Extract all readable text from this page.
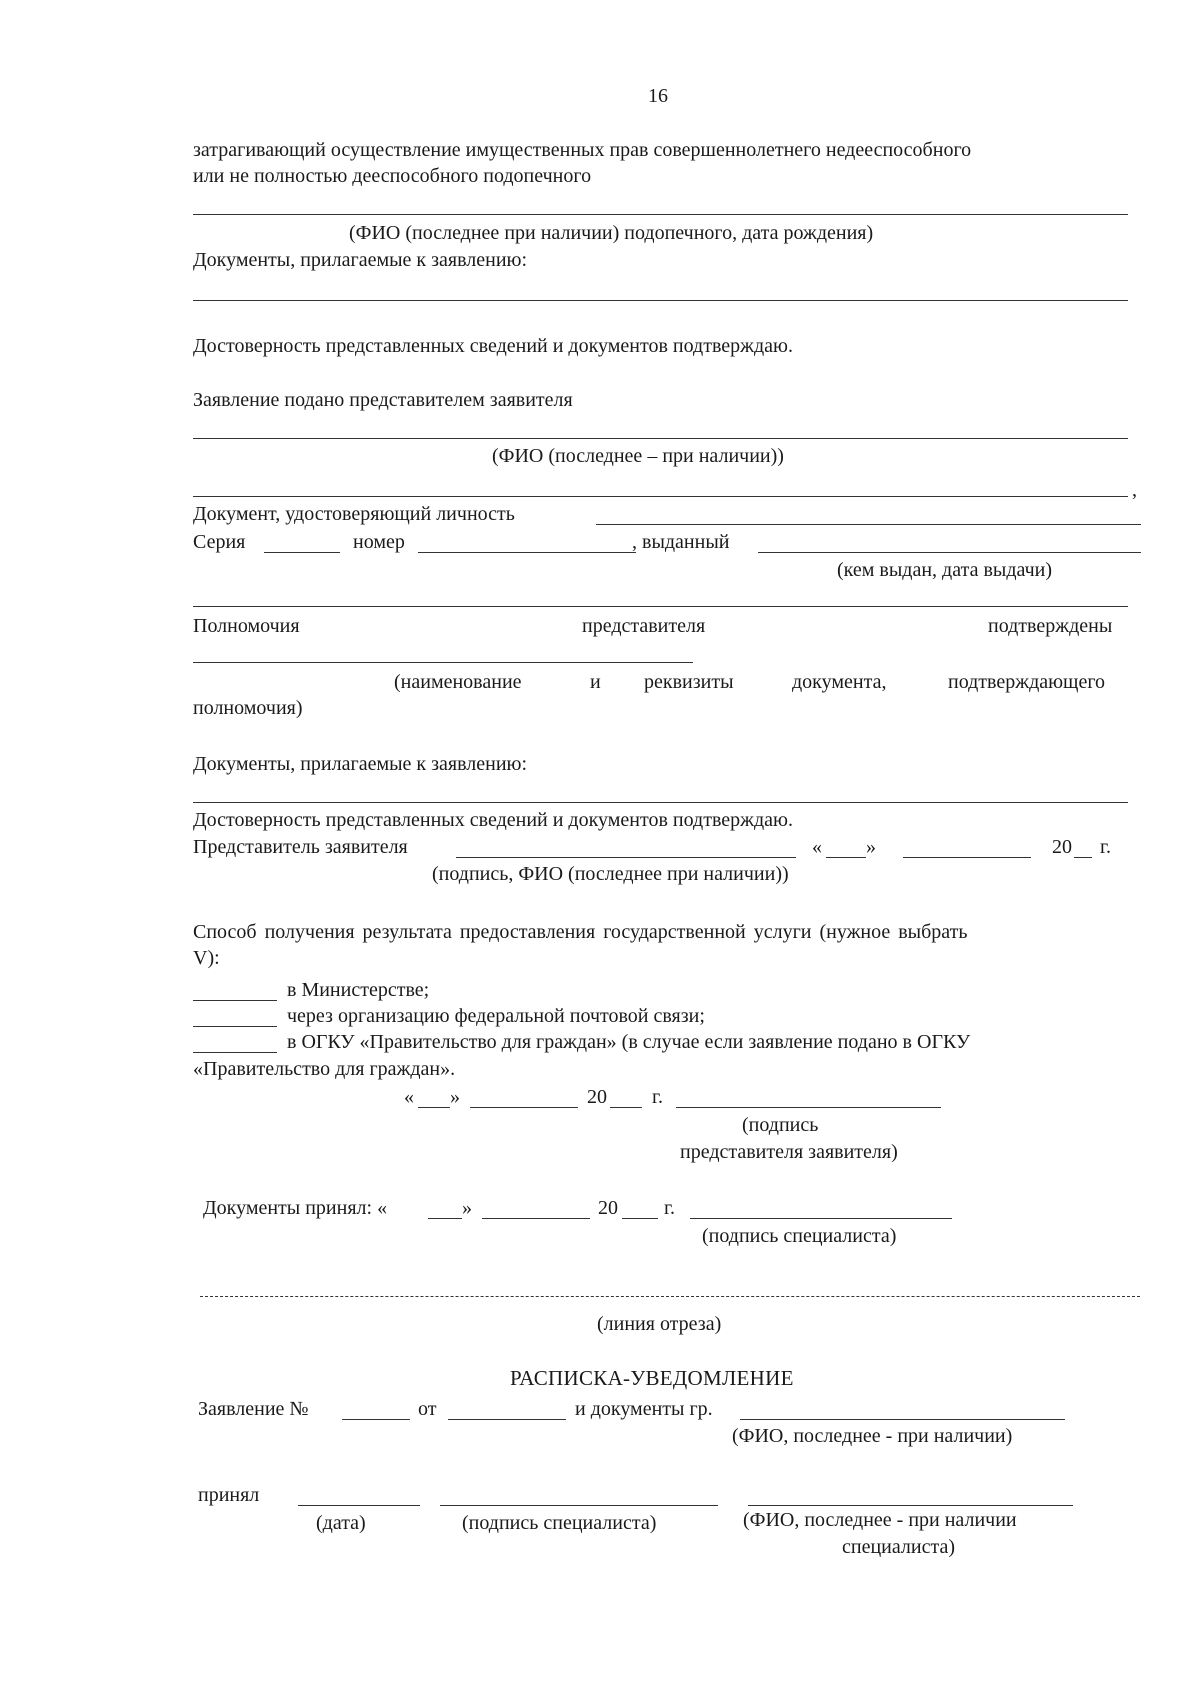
16
затрагивающий осуществление имущественных прав совершеннолетнего недееспособного
или не полностью дееспособного подопечного
(ФИО (последнее при наличии) подопечного, дата рождения)
Документы, прилагаемые к заявлению:
Достоверность представленных сведений и документов подтверждаю.
Заявление подано представителем заявителя
(ФИО (последнее – при наличии))
,
Документ, удостоверяющий личность
Серия	номер	, выданный
(кем выдан, дата выдачи)
Полномочия	представителя	подтверждены
(наименование	и реквизиты	документа,	подтверждающего
полномочия)
Документы, прилагаемые к заявлению:
Достоверность представленных сведений и документов подтверждаю.
Представитель заявителя	« »	20 г.
(подпись, ФИО (последнее при наличии))
Способ получения результата предоставления государственной услуги (нужное выбрать
V):
в Министерстве;
через организацию федеральной почтовой связи;
в ОГКУ «Правительство для граждан» (в случае если заявление подано в ОГКУ
«Правительство для граждан».
« »	20 г.
(подпись
представителя заявителя)
Документы принял: «	»	20 г.
(подпись специалиста)
(линия отреза)
РАСПИСКА-УВЕДОМЛЕНИЕ
Заявление №	от	и документы гр.
(ФИО, последнее - при наличии)
принял
(дата)	(подпись специалиста)	(ФИО, последнее - при наличии
специалиста)
